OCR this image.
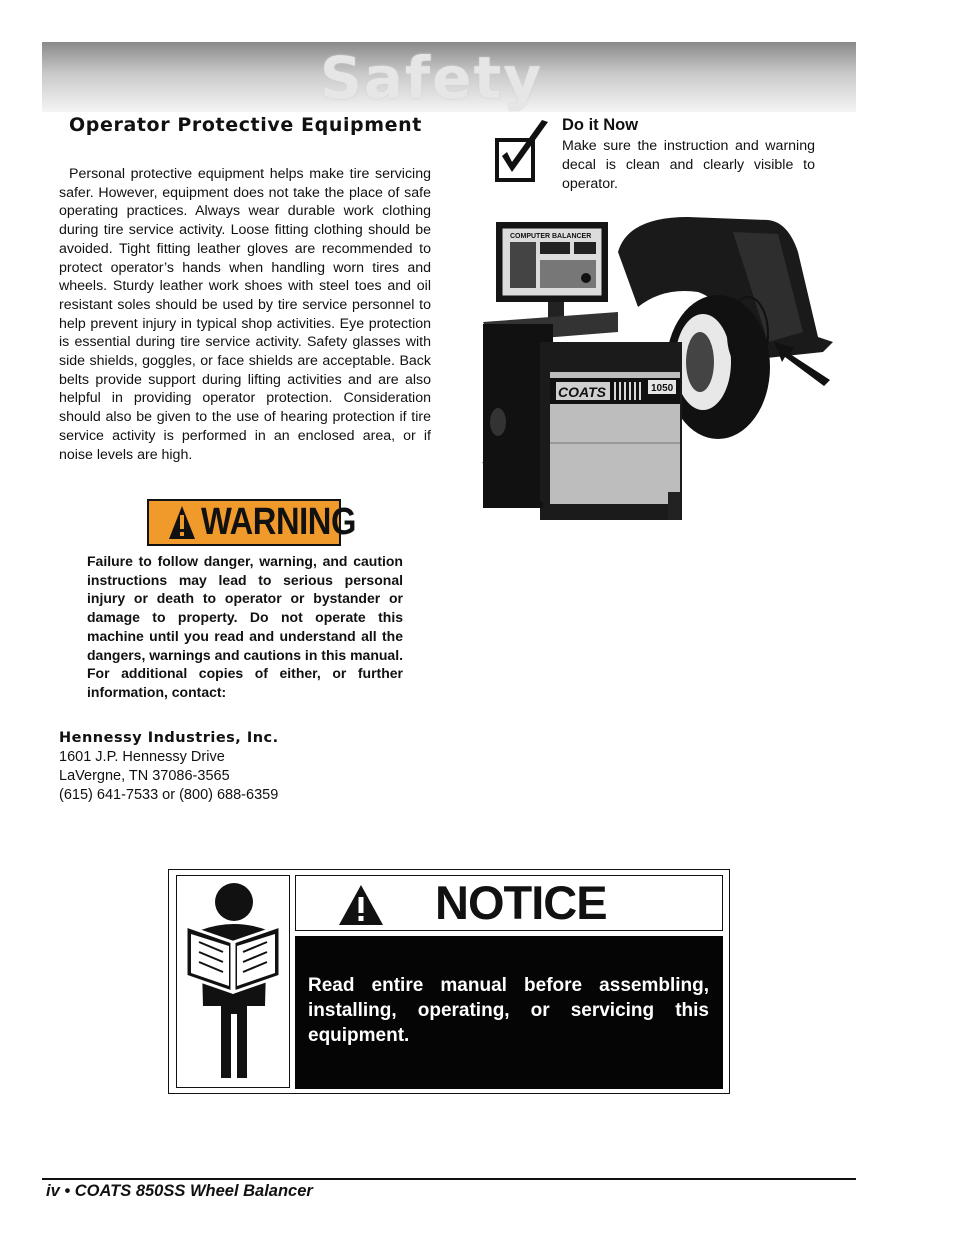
Safety
Operator Protective Equipment

Personal protective equipment helps make tire servicing safer. However, equipment does not take the place of safe operating practices. Always wear durable work clothing during tire service activity. Loose fitting clothing should be avoided. Tight fitting leather gloves are recommended to protect operator’s hands when handling worn tires and wheels. Sturdy leather work shoes with steel toes and oil resistant soles should be used by tire service personnel to help prevent injury in typical shop activities. Eye protection is essential during tire service activity. Safety glasses with side shields, goggles, or face shields are acceptable. Back belts provide support during lifting activities and are also helpful in providing operator protection. Consideration should also be given to the use of hearing protection if tire service activity is performed in an enclosed area, or if noise levels are high.

WARNING

Failure to follow danger, warning, and caution instructions may lead to serious personal injury or death to operator or bystander or damage to property. Do not operate this machine until you read and understand all the dangers, warnings and cautions in this manual. For additional copies of either, or further information, contact:

Hennessy Industries, Inc.
1601 J.P. Hennessy Drive
LaVergne, TN 37086-3565
(615) 641-7533 or (800) 688-6359
Do it Now

Make sure the instruction and warning decal is clean and clearly visible to operator.

COMPUTER BALANCER
COATS	1050
NOTICE

Read entire manual before assembling, installing, operating, or servicing this equipment.

iv • COATS 850SS Wheel Balancer
